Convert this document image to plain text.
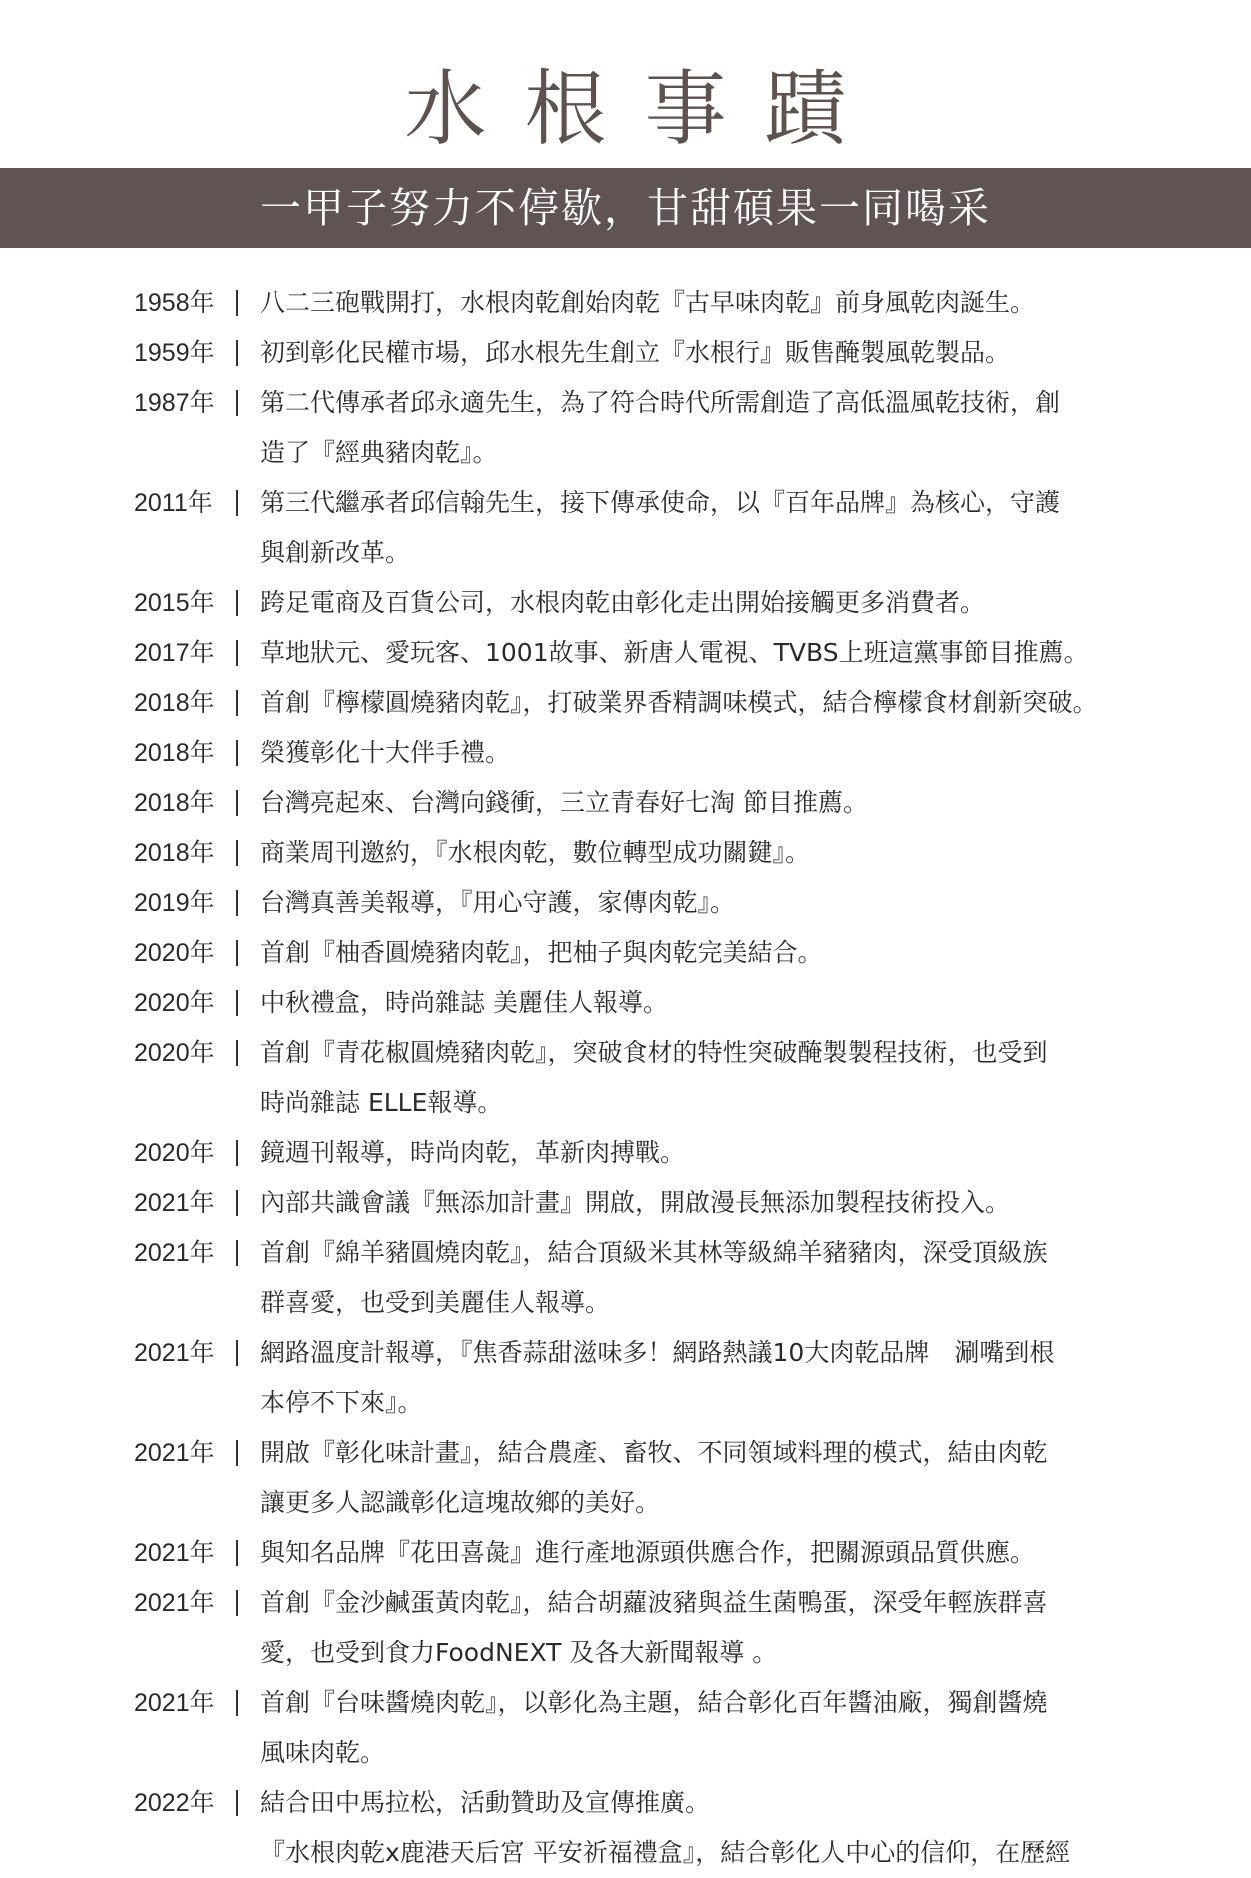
水根事蹟
一甲子努力不停歇，甘甜碩果一同喝采
1958年	八二三砲戰開打，水根肉乾創始肉乾『古早味肉乾』前身風乾肉誕生。
1959年	初到彰化民權市場，邱水根先生創立『水根行』販售醃製風乾製品。
1987年	第二代傳承者邱永適先生，為了符合時代所需創造了高低溫風乾技術，創
造了『經典豬肉乾』。
2011年	第三代繼承者邱信翰先生，接下傳承使命，以『百年品牌』為核心，守護
與創新改革。
2015年	跨足電商及百貨公司，水根肉乾由彰化走出開始接觸更多消費者。
2017年	草地狀元、愛玩客、1001故事、新唐人電視、TVBS上班這黨事節目推薦。
2018年	首創『檸檬圓燒豬肉乾』，打破業界香精調味模式，結合檸檬食材創新突破。
2018年	榮獲彰化十大伴手禮。
2018年	台灣亮起來、台灣向錢衝，三立青春好七淘 節目推薦。
2018年	商業周刊邀約，『水根肉乾，數位轉型成功關鍵』。
2019年	台灣真善美報導，『用心守護，家傳肉乾』。
2020年	首創『柚香圓燒豬肉乾』，把柚子與肉乾完美結合。
2020年	中秋禮盒，時尚雜誌 美麗佳人報導。
2020年	首創『青花椒圓燒豬肉乾』，突破食材的特性突破醃製製程技術，也受到
時尚雜誌 ELLE報導。
2020年	鏡週刊報導，時尚肉乾，革新肉搏戰。
2021年	內部共識會議『無添加計畫』開啟，開啟漫長無添加製程技術投入。
2021年	首創『綿羊豬圓燒肉乾』，結合頂級米其林等級綿羊豬豬肉，深受頂級族
群喜愛，也受到美麗佳人報導。
2021年	網路溫度計報導，『焦香蒜甜滋味多！網路熱議10大肉乾品牌　涮嘴到根
本停不下來』。
2021年	開啟『彰化味計畫』，結合農產、畜牧、不同領域料理的模式，結由肉乾
讓更多人認識彰化這塊故鄉的美好。
2021年	與知名品牌『花田喜彘』進行產地源頭供應合作，把關源頭品質供應。
2021年	首創『金沙鹹蛋黃肉乾』，結合胡蘿波豬與益生菌鴨蛋，深受年輕族群喜
愛，也受到食力FoodNEXT 及各大新聞報導 。
2021年	首創『台味醬燒肉乾』，以彰化為主題，結合彰化百年醬油廠，獨創醬燒
風味肉乾。
2022年	結合田中馬拉松，活動贊助及宣傳推廣。
『水根肉乾x鹿港天后宮 平安祈福禮盒』，結合彰化人中心的信仰，在歷經
